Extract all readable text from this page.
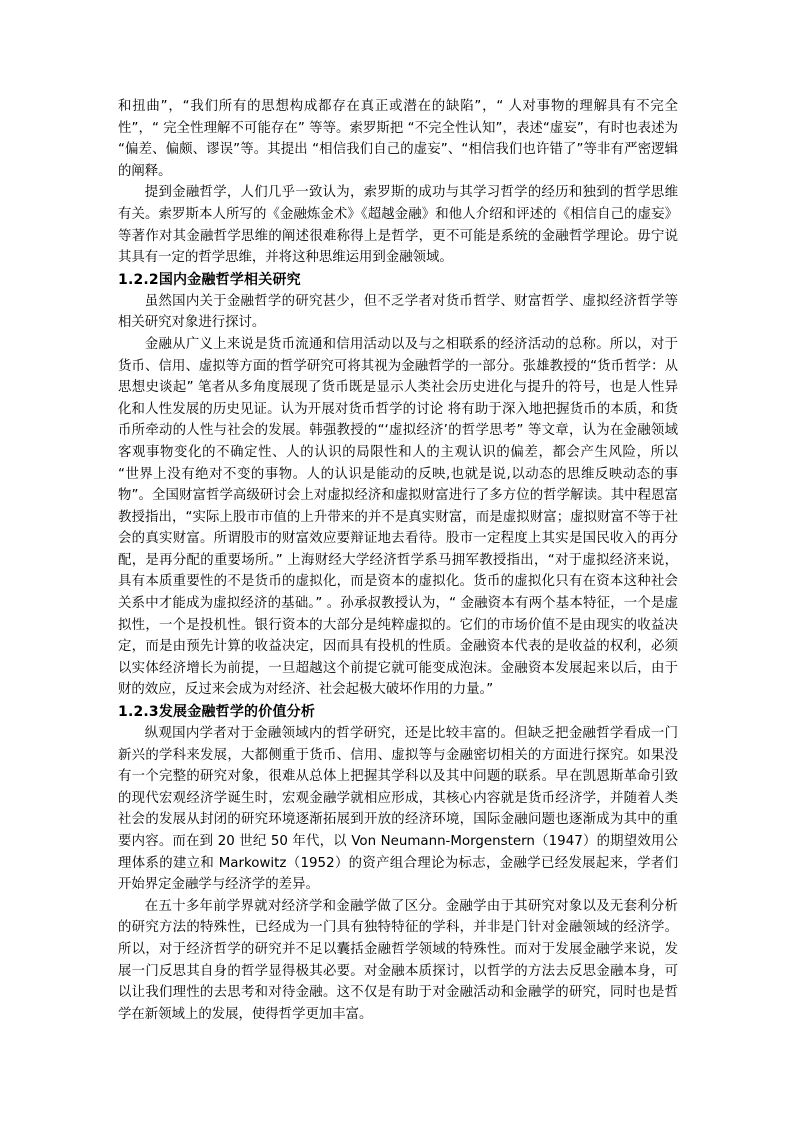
和扭曲”，“我们所有的思想构成都存在真正或潜在的缺陷”，“ 人对事物的理解具有不完全性”，“ 完全性理解不可能存在” 等等。索罗斯把 “不完全性认知”，表述“虚妄”，有时也表述为 “偏差、偏颇、谬误”等。其提出 “相信我们自己的虚妄”、“相信我们也许错了”等非有严密逻辑的阐释。

提到金融哲学，人们几乎一致认为，索罗斯的成功与其学习哲学的经历和独到的哲学思维有关。索罗斯本人所写的《金融炼金术》《超越金融》和他人介绍和评述的《相信自己的虚妄》等著作对其金融哲学思维的阐述很难称得上是哲学，更不可能是系统的金融哲学理论。毋宁说其具有一定的哲学思维，并将这种思维运用到金融领域。

1.2.2国内金融哲学相关研究

虽然国内关于金融哲学的研究甚少，但不乏学者对货币哲学、财富哲学、虚拟经济哲学等相关研究对象进行探讨。

金融从广义上来说是货币流通和信用活动以及与之相联系的经济活动的总称。所以，对于货币、信用、虚拟等方面的哲学研究可将其视为金融哲学的一部分。张雄教授的“货币哲学：从思想史谈起” 笔者从多角度展现了货币既是显示人类社会历史进化与提升的符号，也是人性异化和人性发展的历史见证。认为开展对货币哲学的讨论 将有助于深入地把握货币的本质，和货币所牵动的人性与社会的发展。韩强教授的“‘虚拟经济’的哲学思考” 等文章，认为在金融领域客观事物变化的不确定性、人的认识的局限性和人的主观认识的偏差，都会产生风险，所以 “世界上没有绝对不变的事物。人的认识是能动的反映,也就是说,以动态的思维反映动态的事物”。全国财富哲学高级研讨会上对虚拟经济和虚拟财富进行了多方位的哲学解读。其中程恩富教授指出，“实际上股市市值的上升带来的并不是真实财富，而是虚拟财富；虚拟财富不等于社会的真实财富。所谓股市的财富效应要辩证地去看待。股市一定程度上其实是国民收入的再分配，是再分配的重要场所。” 上海财经大学经济哲学系马拥军教授指出，“对于虚拟经济来说，具有本质重要性的不是货币的虚拟化，而是资本的虚拟化。货币的虚拟化只有在资本这种社会关系中才能成为虚拟经济的基础。” 。孙承叔教授认为，“ 金融资本有两个基本特征，一个是虚拟性，一个是投机性。银行资本的大部分是纯粹虚拟的。它们的市场价值不是由现实的收益决定，而是由预先计算的收益决定，因而具有投机的性质。金融资本代表的是收益的权利，必须以实体经济增长为前提，一旦超越这个前提它就可能变成泡沫。金融资本发展起来以后，由于财的效应，反过来会成为对经济、社会起极大破坏作用的力量。”

1.2.3发展金融哲学的价值分析

纵观国内学者对于金融领域内的哲学研究，还是比较丰富的。但缺乏把金融哲学看成一门新兴的学科来发展，大都侧重于货币、信用、虚拟等与金融密切相关的方面进行探究。如果没有一个完整的研究对象，很难从总体上把握其学科以及其中问题的联系。早在凯恩斯革命引致的现代宏观经济学诞生时，宏观金融学就相应形成，其核心内容就是货币经济学，并随着人类社会的发展从封闭的研究环境逐渐拓展到开放的经济环境，国际金融问题也逐渐成为其中的重要内容。而在到 20 世纪 50 年代，以 Von Neumann-Morgenstern（1947）的期望效用公理体系的建立和 Markowitz（1952）的资产组合理论为标志，金融学已经发展起来，学者们开始界定金融学与经济学的差异。

在五十多年前学界就对经济学和金融学做了区分。金融学由于其研究对象以及无套利分析的研究方法的特殊性，已经成为一门具有独特特征的学科，并非是门针对金融领域的经济学。所以，对于经济哲学的研究并不足以囊括金融哲学领域的特殊性。而对于发展金融学来说，发展一门反思其自身的哲学显得极其必要。对金融本质探讨，以哲学的方法去反思金融本身，可以让我们理性的去思考和对待金融。这不仅是有助于对金融活动和金融学的研究，同时也是哲学在新领域上的发展，使得哲学更加丰富。
